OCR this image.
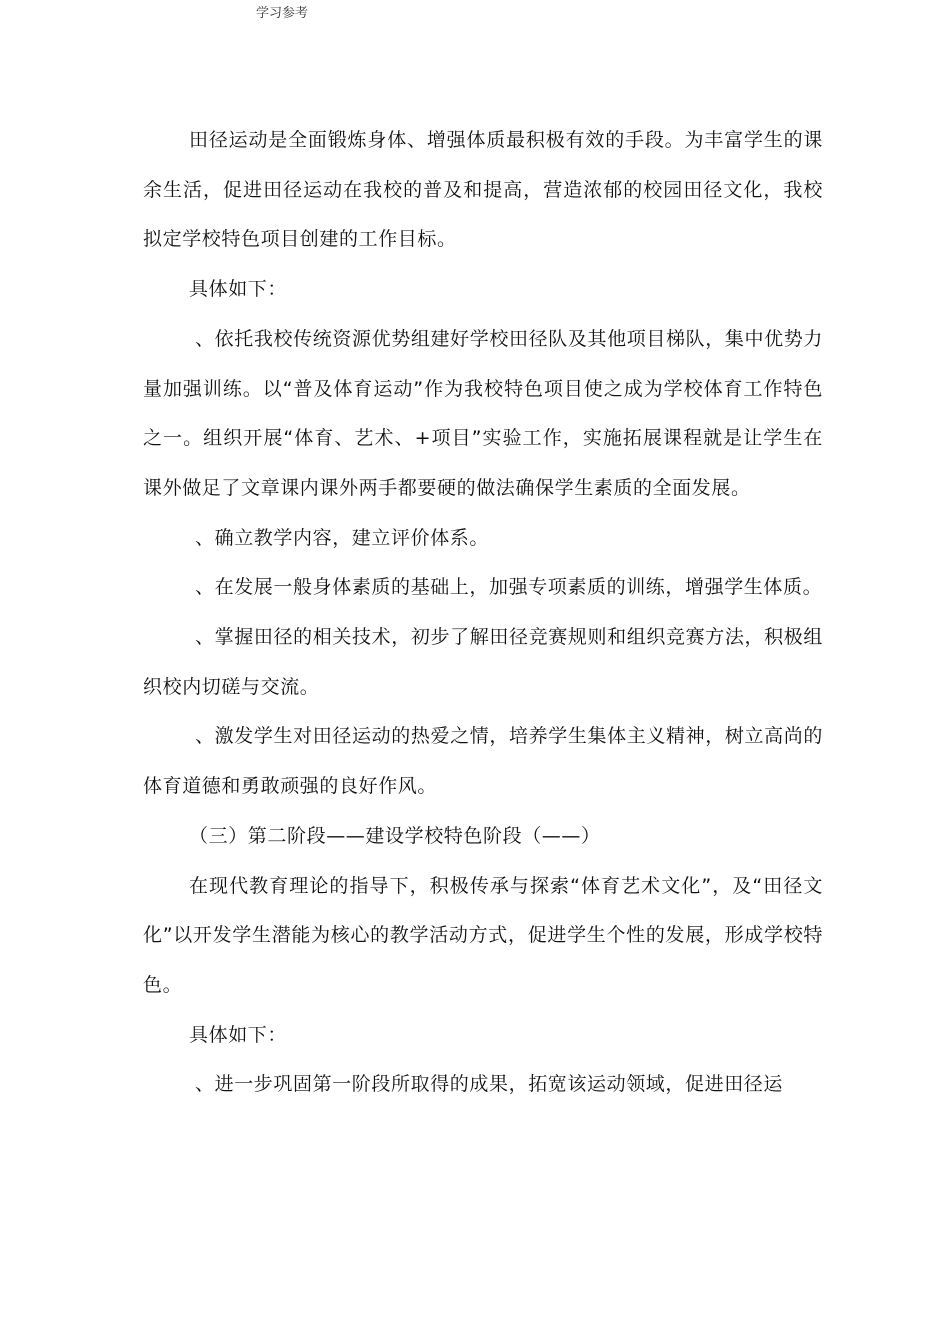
学习参考

田径运动是全面锻炼身体、增强体质最积极有效的手段。为丰富学生的课余生活，促进田径运动在我校的普及和提高，营造浓郁的校园田径文化，我校拟定学校特色项目创建的工作目标。

具体如下：

、依托我校传统资源优势组建好学校田径队及其他项目梯队，集中优势力量加强训练。以“普及体育运动”作为我校特色项目使之成为学校体育工作特色之一。组织开展“体育、艺术、+项目”实验工作，实施拓展课程就是让学生在课外做足了文章课内课外两手都要硬的做法确保学生素质的全面发展。

、确立教学内容，建立评价体系。

、在发展一般身体素质的基础上，加强专项素质的训练，增强学生体质。

、掌握田径的相关技术，初步了解田径竞赛规则和组织竞赛方法，积极组织校内切磋与交流。

、激发学生对田径运动的热爱之情，培养学生集体主义精神，树立高尚的体育道德和勇敢顽强的良好作风。

（三）第二阶段——建设学校特色阶段（——）

在现代教育理论的指导下，积极传承与探索“体育艺术文化”，及“田径文化”以开发学生潜能为核心的教学活动方式，促进学生个性的发展，形成学校特色。

具体如下：

、进一步巩固第一阶段所取得的成果，拓宽该运动领域，促进田径运
